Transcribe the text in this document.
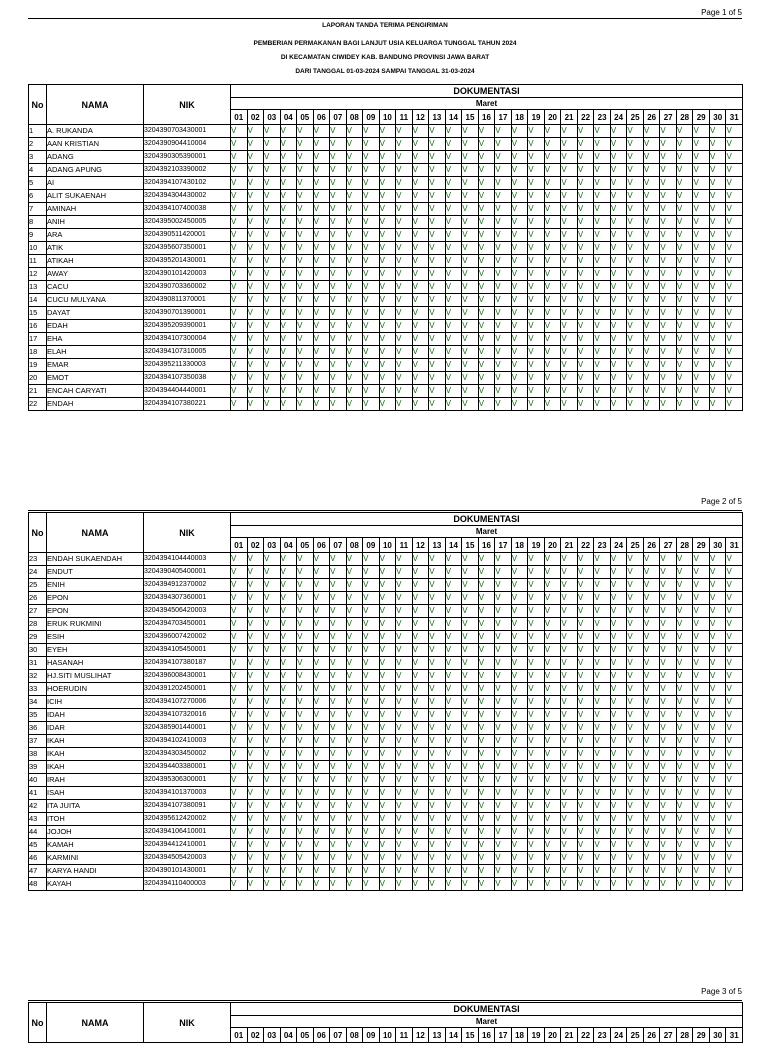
Page 1 of 5
LAPORAN TANDA TERIMA PENGIRIMAN
PEMBERIAN PERMAKANAN BAGI LANJUT USIA KELUARGA TUNGGAL TAHUN 2024
DI KECAMATAN CIWIDEY KAB. BANDUNG PROVINSI JAWA BARAT
DARI TANGGAL 01-03-2024 SAMPAI TANGGAL 31-03-2024
No	NAMA	NIK	DOKUMENTASI																														
			Maret																														
			01	02	03	04	05	06	07	08	09	10	11	12	13	14	15	16	17	18	19	20	21	22	23	24	25	26	27	28	29	30	31
1	A. RUKANDA	3204390703430001	V	V	V	V	V	V	V	V	V	V	V	V	V	V	V	V	V	V	V	V	V	V	V	V	V	V	V	V	V	V	V
2	AAN KRISTIAN	3204390904410004	V	V	V	V	V	V	V	V	V	V	V	V	V	V	V	V	V	V	V	V	V	V	V	V	V	V	V	V	V	V	V
3	ADANG	3204390305390001	V	V	V	V	V	V	V	V	V	V	V	V	V	V	V	V	V	V	V	V	V	V	V	V	V	V	V	V	V	V	V
4	ADANG APUNG	3204392103390002	V	V	V	V	V	V	V	V	V	V	V	V	V	V	V	V	V	V	V	V	V	V	V	V	V	V	V	V	V	V	V
5	AI	3204394107430102	V	V	V	V	V	V	V	V	V	V	V	V	V	V	V	V	V	V	V	V	V	V	V	V	V	V	V	V	V	V	V
6	ALIT SUKAENAH	3204394304430002	V	V	V	V	V	V	V	V	V	V	V	V	V	V	V	V	V	V	V	V	V	V	V	V	V	V	V	V	V	V	V
7	AMINAH	3204394107400038	V	V	V	V	V	V	V	V	V	V	V	V	V	V	V	V	V	V	V	V	V	V	V	V	V	V	V	V	V	V	V
8	ANIH	3204395002450005	V	V	V	V	V	V	V	V	V	V	V	V	V	V	V	V	V	V	V	V	V	V	V	V	V	V	V	V	V	V	V
9	ARA	3204390511420001	V	V	V	V	V	V	V	V	V	V	V	V	V	V	V	V	V	V	V	V	V	V	V	V	V	V	V	V	V	V	V
10	ATIK	3204395607350001	V	V	V	V	V	V	V	V	V	V	V	V	V	V	V	V	V	V	V	V	V	V	V	V	V	V	V	V	V	V	V
11	ATIKAH	3204395201430001	V	V	V	V	V	V	V	V	V	V	V	V	V	V	V	V	V	V	V	V	V	V	V	V	V	V	V	V	V	V	V
12	AWAY	3204390101420003	V	V	V	V	V	V	V	V	V	V	V	V	V	V	V	V	V	V	V	V	V	V	V	V	V	V	V	V	V	V	V
13	CACU	3204390703360002	V	V	V	V	V	V	V	V	V	V	V	V	V	V	V	V	V	V	V	V	V	V	V	V	V	V	V	V	V	V	V
14	CUCU MULYANA	3204390811370001	V	V	V	V	V	V	V	V	V	V	V	V	V	V	V	V	V	V	V	V	V	V	V	V	V	V	V	V	V	V	V
15	DAYAT	3204390701390001	V	V	V	V	V	V	V	V	V	V	V	V	V	V	V	V	V	V	V	V	V	V	V	V	V	V	V	V	V	V	V
16	EDAH	3204395209390001	V	V	V	V	V	V	V	V	V	V	V	V	V	V	V	V	V	V	V	V	V	V	V	V	V	V	V	V	V	V	V
17	EHA	3204394107300004	V	V	V	V	V	V	V	V	V	V	V	V	V	V	V	V	V	V	V	V	V	V	V	V	V	V	V	V	V	V	V
18	ELAH	3204394107310005	V	V	V	V	V	V	V	V	V	V	V	V	V	V	V	V	V	V	V	V	V	V	V	V	V	V	V	V	V	V	V
19	EMAR	3204395211330003	V	V	V	V	V	V	V	V	V	V	V	V	V	V	V	V	V	V	V	V	V	V	V	V	V	V	V	V	V	V	V
20	EMOT	3204394107350038	V	V	V	V	V	V	V	V	V	V	V	V	V	V	V	V	V	V	V	V	V	V	V	V	V	V	V	V	V	V	V
21	ENCAH CARYATI	3204394404440001	V	V	V	V	V	V	V	V	V	V	V	V	V	V	V	V	V	V	V	V	V	V	V	V	V	V	V	V	V	V	V
22	ENDAH	3204394107380221	V	V	V	V	V	V	V	V	V	V	V	V	V	V	V	V	V	V	V	V	V	V	V	V	V	V	V	V	V	V	V
Page 2 of 5
No	NAMA	NIK	DOKUMENTASI																														
			Maret																														
			01	02	03	04	05	06	07	08	09	10	11	12	13	14	15	16	17	18	19	20	21	22	23	24	25	26	27	28	29	30	31
23	ENDAH SUKAENDAH	3204394104440003	V	V	V	V	V	V	V	V	V	V	V	V	V	V	V	V	V	V	V	V	V	V	V	V	V	V	V	V	V	V	V
24	ENDUT	3204390405400001	V	V	V	V	V	V	V	V	V	V	V	V	V	V	V	V	V	V	V	V	V	V	V	V	V	V	V	V	V	V	V
25	ENIH	3204394912370002	V	V	V	V	V	V	V	V	V	V	V	V	V	V	V	V	V	V	V	V	V	V	V	V	V	V	V	V	V	V	V
26	EPON	3204394307360001	V	V	V	V	V	V	V	V	V	V	V	V	V	V	V	V	V	V	V	V	V	V	V	V	V	V	V	V	V	V	V
27	EPON	3204394506420003	V	V	V	V	V	V	V	V	V	V	V	V	V	V	V	V	V	V	V	V	V	V	V	V	V	V	V	V	V	V	V
28	ERUK RUKMINI	3204394703450001	V	V	V	V	V	V	V	V	V	V	V	V	V	V	V	V	V	V	V	V	V	V	V	V	V	V	V	V	V	V	V
29	ESIH	3204396007420002	V	V	V	V	V	V	V	V	V	V	V	V	V	V	V	V	V	V	V	V	V	V	V	V	V	V	V	V	V	V	V
30	EYEH	3204394105450001	V	V	V	V	V	V	V	V	V	V	V	V	V	V	V	V	V	V	V	V	V	V	V	V	V	V	V	V	V	V	V
31	HASANAH	3204394107380187	V	V	V	V	V	V	V	V	V	V	V	V	V	V	V	V	V	V	V	V	V	V	V	V	V	V	V	V	V	V	V
32	HJ.SITI MUSLIHAT	3204396008430001	V	V	V	V	V	V	V	V	V	V	V	V	V	V	V	V	V	V	V	V	V	V	V	V	V	V	V	V	V	V	V
33	HOERUDIN	3204391202450001	V	V	V	V	V	V	V	V	V	V	V	V	V	V	V	V	V	V	V	V	V	V	V	V	V	V	V	V	V	V	V
34	ICIH	3204394107270006	V	V	V	V	V	V	V	V	V	V	V	V	V	V	V	V	V	V	V	V	V	V	V	V	V	V	V	V	V	V	V
35	IDAH	3204394107320016	V	V	V	V	V	V	V	V	V	V	V	V	V	V	V	V	V	V	V	V	V	V	V	V	V	V	V	V	V	V	V
36	IDAR	3204385901440001	V	V	V	V	V	V	V	V	V	V	V	V	V	V	V	V	V	V	V	V	V	V	V	V	V	V	V	V	V	V	V
37	IKAH	3204394102410003	V	V	V	V	V	V	V	V	V	V	V	V	V	V	V	V	V	V	V	V	V	V	V	V	V	V	V	V	V	V	V
38	IKAH	3204394303450002	V	V	V	V	V	V	V	V	V	V	V	V	V	V	V	V	V	V	V	V	V	V	V	V	V	V	V	V	V	V	V
39	IKAH	3204394403380001	V	V	V	V	V	V	V	V	V	V	V	V	V	V	V	V	V	V	V	V	V	V	V	V	V	V	V	V	V	V	V
40	IRAH	3204395306300001	V	V	V	V	V	V	V	V	V	V	V	V	V	V	V	V	V	V	V	V	V	V	V	V	V	V	V	V	V	V	V
41	ISAH	3204394101370003	V	V	V	V	V	V	V	V	V	V	V	V	V	V	V	V	V	V	V	V	V	V	V	V	V	V	V	V	V	V	V
42	ITA JUITA	3204394107380091	V	V	V	V	V	V	V	V	V	V	V	V	V	V	V	V	V	V	V	V	V	V	V	V	V	V	V	V	V	V	V
43	ITOH	3204395612420002	V	V	V	V	V	V	V	V	V	V	V	V	V	V	V	V	V	V	V	V	V	V	V	V	V	V	V	V	V	V	V
44	JOJOH	3204394106410001	V	V	V	V	V	V	V	V	V	V	V	V	V	V	V	V	V	V	V	V	V	V	V	V	V	V	V	V	V	V	V
45	KAMAH	3204394412410001	V	V	V	V	V	V	V	V	V	V	V	V	V	V	V	V	V	V	V	V	V	V	V	V	V	V	V	V	V	V	V
46	KARMINI	3204394505420003	V	V	V	V	V	V	V	V	V	V	V	V	V	V	V	V	V	V	V	V	V	V	V	V	V	V	V	V	V	V	V
47	KARYA HANDI	3204390101430001	V	V	V	V	V	V	V	V	V	V	V	V	V	V	V	V	V	V	V	V	V	V	V	V	V	V	V	V	V	V	V
48	KAYAH	3204394110400003	V	V	V	V	V	V	V	V	V	V	V	V	V	V	V	V	V	V	V	V	V	V	V	V	V	V	V	V	V	V	V
Page 3 of 5
No	NAMA	NIK	DOKUMENTASI																														
			Maret																														
			01	02	03	04	05	06	07	08	09	10	11	12	13	14	15	16	17	18	19	20	21	22	23	24	25	26	27	28	29	30	31
